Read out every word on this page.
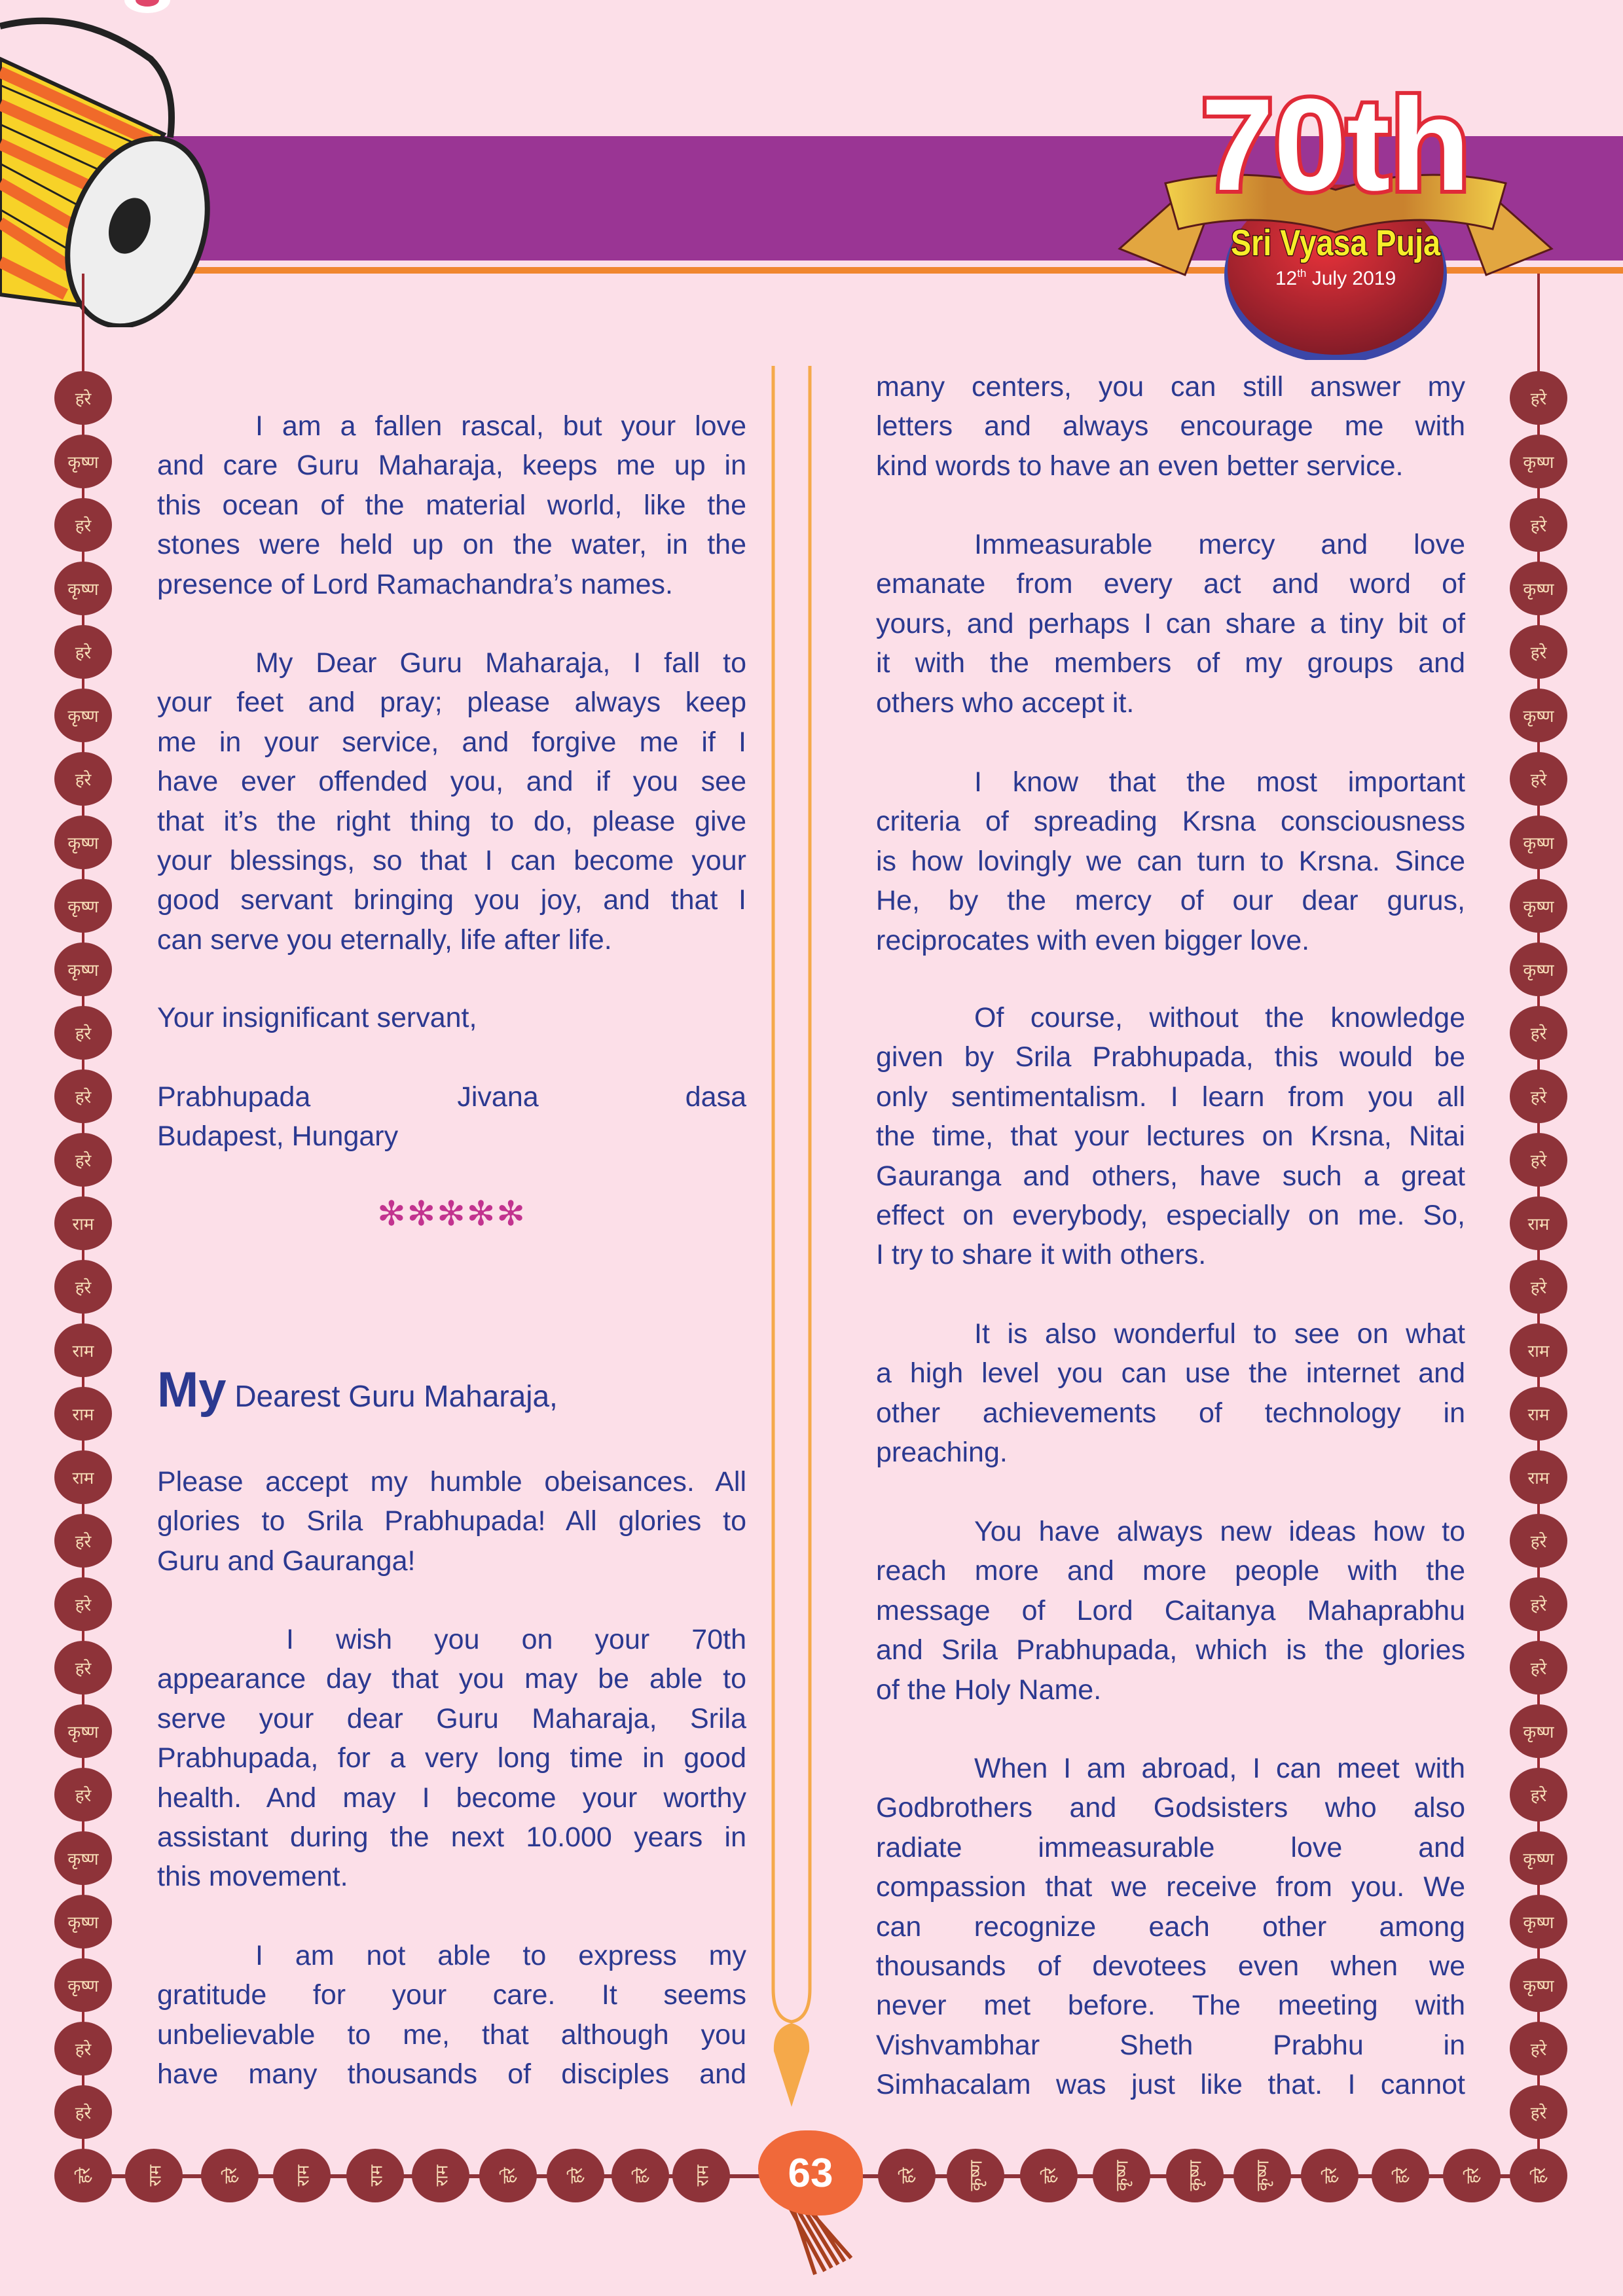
70th
Sri Vyasa Puja
12th July 2019
हरे
कृष्ण
हरे
कृष्ण
हरे
कृष्ण
हरे
कृष्ण
कृष्ण
कृष्ण
हरे
हरे
हरे
राम
हरे
राम
राम
राम
हरे
हरे
हरे
कृष्ण
हरे
कृष्ण
कृष्ण
कृष्ण
हरे
हरे
हरे
कृष्ण
हरे
कृष्ण
हरे
कृष्ण
हरे
कृष्ण
कृष्ण
कृष्ण
हरे
हरे
हरे
राम
हरे
राम
राम
राम
हरे
हरे
हरे
कृष्ण
हरे
कृष्ण
कृष्ण
कृष्ण
हरे
हरे
हरे	राम	हरे	राम	राम	राम	हरे	हरे	हरे राम	हरे	कृष्ण	हरे	कृष्ण	कृष्ण	कृष्ण	हरे	हरे	हरे	हरे
I am a fallen rascal, but your love
and care Guru Maharaja, keeps me up in
this ocean of the material world, like the
stones were held up on the water, in the
presence of Lord Ramachandra’s names.
My Dear Guru Maharaja, I fall to
your feet and pray; please always keep
me in your service, and forgive me if I
have ever offended you, and if you see
that it’s the right thing to do, please give
your blessings, so that I can become your
good servant bringing you joy, and that I
can serve you eternally, life after life.
Your insignificant servant,
Prabhupada Jivana dasa
Budapest, Hungary
Please accept my humble obeisances. All
glories to Srila Prabhupada! All glories to
Guru and Gauranga!
I wish you on your 70th
appearance day that you may be able to
serve your dear Guru Maharaja, Srila
Prabhupada, for a very long time in good
health. And may I become your worthy
assistant during the next 10.000 years in
this movement.
I am not able to express my
gratitude for your care. It seems
unbelievable to me, that although you
have many thousands of disciples and
many centers, you can still answer my
letters and always encourage me with
kind words to have an even better service.
Immeasurable mercy and love
emanate from every act and word of
yours, and perhaps I can share a tiny bit of
it with the members of my groups and
others who accept it.
I know that the most important
criteria of spreading Krsna consciousness
is how lovingly we can turn to Krsna. Since
He, by the mercy of our dear gurus,
reciprocates with even bigger love.
Of course, without the knowledge
given by Srila Prabhupada, this would be
only sentimentalism. I learn from you all
the time, that your lectures on Krsna, Nitai
Gauranga and others, have such a great
effect on everybody, especially on me. So,
I try to share it with others.
It is also wonderful to see on what
a high level you can use the internet and
other achievements of technology in
preaching.
You have always new ideas how to
reach more and more people with the
message of Lord Caitanya Mahaprabhu
and Srila Prabhupada, which is the glories
of the Holy Name.
When I am abroad, I can meet with
Godbrothers and Godsisters who also
radiate immeasurable love and
compassion that we receive from you. We
can recognize each other among
thousands of devotees even when we
never met before. The meeting with
Vishvambhar Sheth Prabhu in
Simhacalam was just like that. I cannot
✻✻✻✻✻
My Dearest Guru Maharaja,
63
